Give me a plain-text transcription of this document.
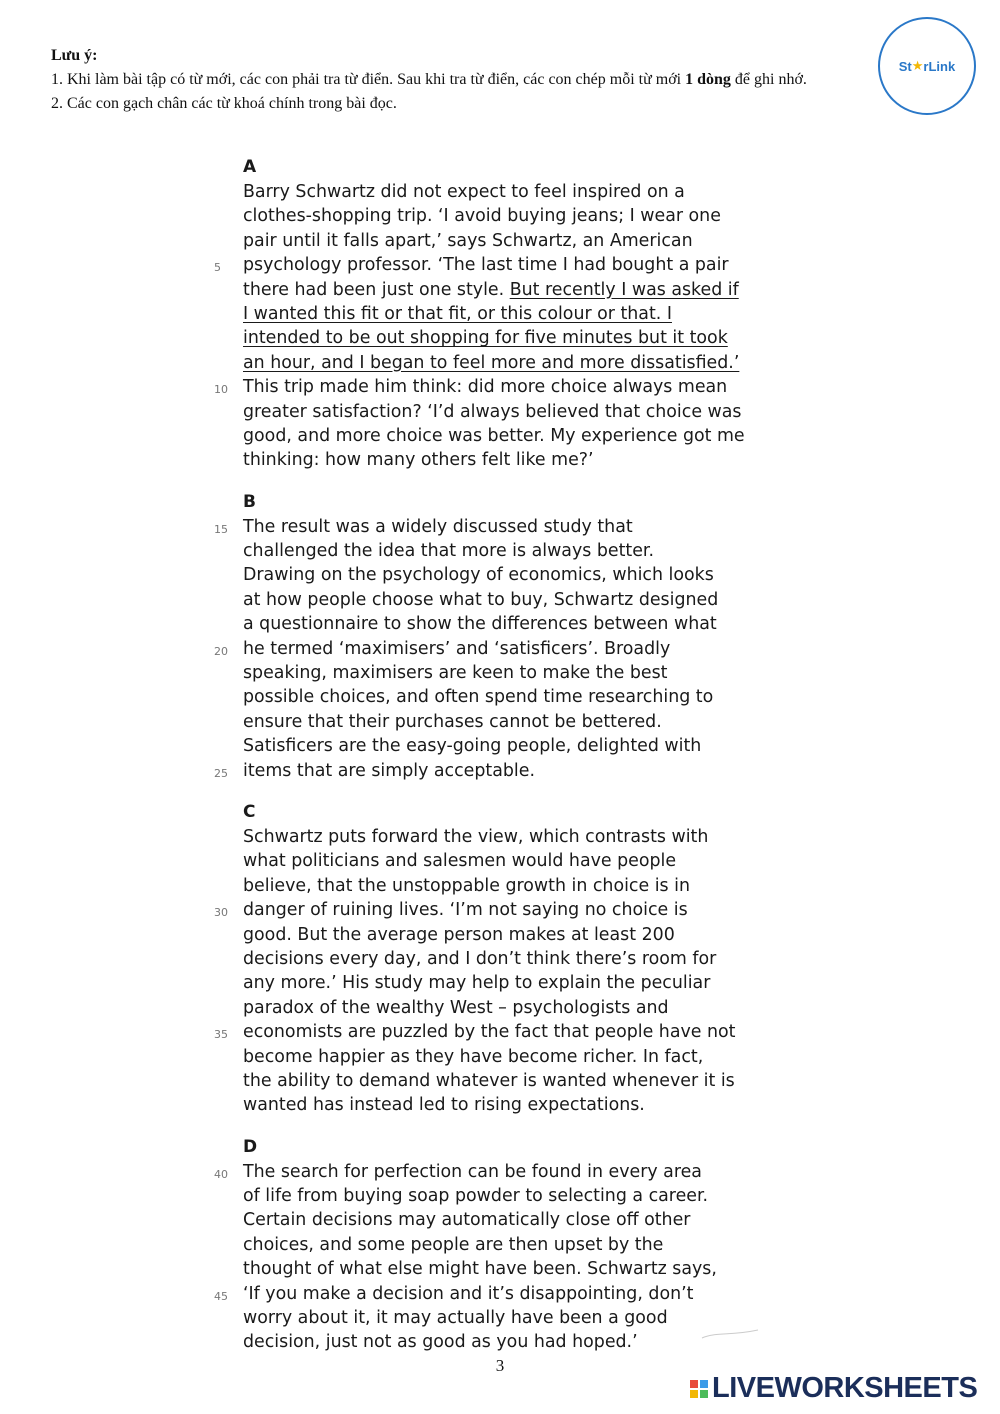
Lưu ý:

1. Khi làm bài tập có từ mới, các con phải tra từ điển. Sau khi tra từ điển, các con chép mỗi từ mới 1 dòng để ghi nhớ.

2. Các con gạch chân các từ khoá chính trong bài đọc.

St ★ rLink
A
Barry Schwartz did not expect to feel inspired on a
clothes-shopping trip. ‘I avoid buying jeans; I wear one
pair until it falls apart,’ says Schwartz, an American
5 psychology professor. ‘The last time I had bought a pair
there had been just one style. But recently I was asked if
I wanted this fit or that fit, or this colour or that. I
intended to be out shopping for five minutes but it took
an hour, and I began to feel more and more dissatisfied.’
10 This trip made him think: did more choice always mean
greater satisfaction? ‘I’d always believed that choice was
good, and more choice was better. My experience got me
thinking: how many others felt like me?’
B
15 The result was a widely discussed study that
challenged the idea that more is always better.
Drawing on the psychology of economics, which looks
at how people choose what to buy, Schwartz designed
a questionnaire to show the differences between what
20 he termed ‘maximisers’ and ‘satisficers’. Broadly
speaking, maximisers are keen to make the best
possible choices, and often spend time researching to
ensure that their purchases cannot be bettered.
Satisficers are the easy-going people, delighted with
25 items that are simply acceptable.
C
Schwartz puts forward the view, which contrasts with
what politicians and salesmen would have people
believe, that the unstoppable growth in choice is in
30 danger of ruining lives. ‘I’m not saying no choice is
good. But the average person makes at least 200
decisions every day, and I don’t think there’s room for
any more.’ His study may help to explain the peculiar
paradox of the wealthy West – psychologists and
35 economists are puzzled by the fact that people have not
become happier as they have become richer. In fact,
the ability to demand whatever is wanted whenever it is
wanted has instead led to rising expectations.
D
40 The search for perfection can be found in every area
of life from buying soap powder to selecting a career.
Certain decisions may automatically close off other
choices, and some people are then upset by the
thought of what else might have been. Schwartz says,
45 ‘If you make a decision and it’s disappointing, don’t
worry about it, it may actually have been a good
decision, just not as good as you had hoped.’
3
LIVEWORKSHEETS
